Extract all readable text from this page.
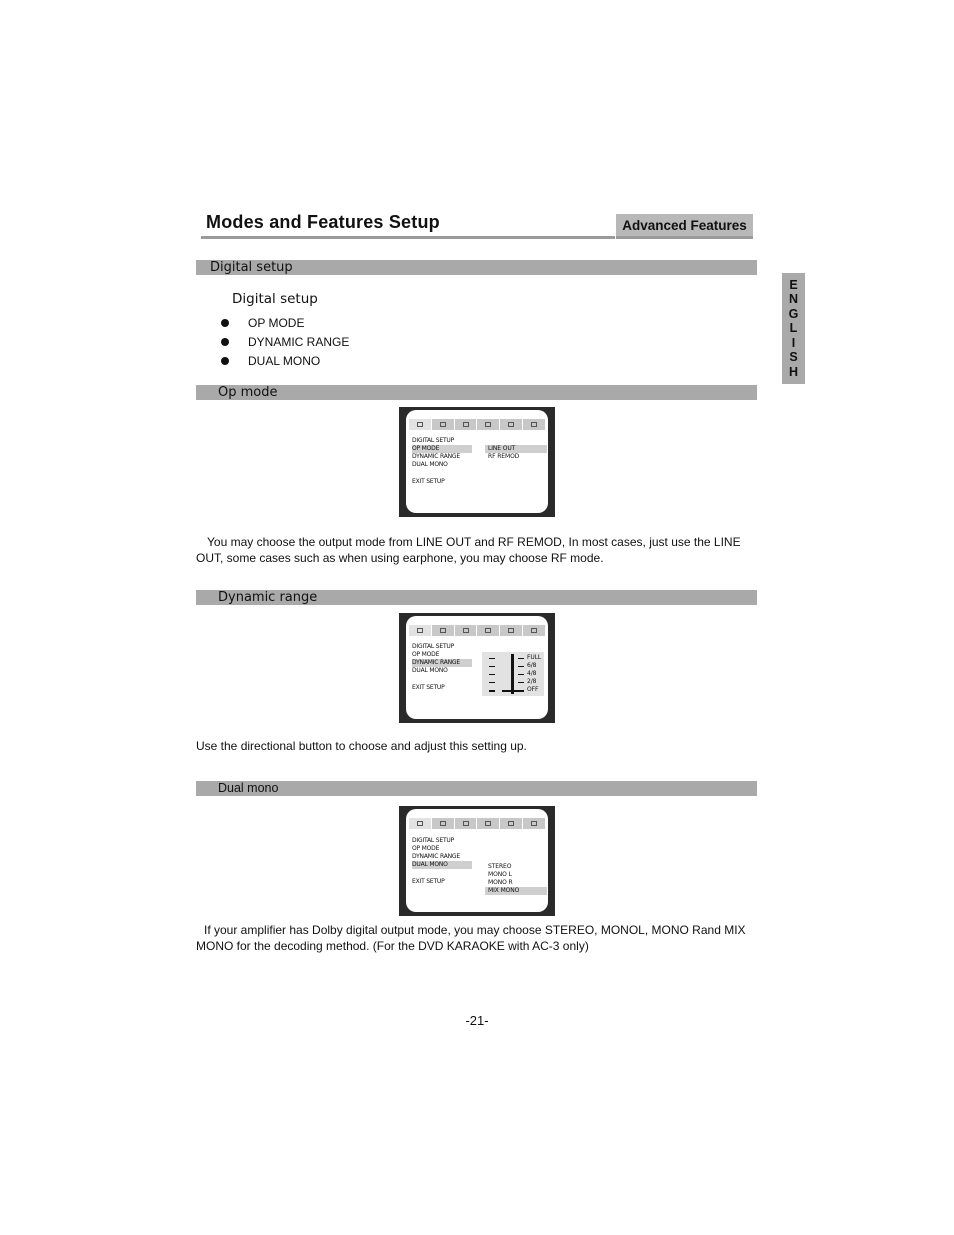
Modes and Features Setup	Advanced Features
E
N
G
L
I
S
H
Digital setup
Digital setup
OP MODE
DYNAMIC RANGE
DUAL MONO
Op mode
DIGITAL SETUP
OP MODE
DYNAMIC RANGE
DUAL MONO
EXIT SETUP
LINE OUT
RF REMOD
You may choose the output mode from LINE OUT and RF REMOD, In most cases, just use the LINE OUT, some cases such as when using earphone, you may choose RF mode.
Dynamic range
DIGITAL SETUP
OP MODE
DYNAMIC RANGE
DUAL MONO
EXIT SETUP
FULL
6/8
4/8
2/8
OFF
Use the directional button to choose and adjust this setting up.
Dual mono
DIGITAL SETUP
OP MODE
DYNAMIC RANGE
DUAL MONO
EXIT SETUP
STEREO
MONO L
MONO R
MIX MONO
If your amplifier has Dolby digital output mode, you may choose STEREO, MONOL, MONO Rand MIX MONO for the decoding method. (For the DVD KARAOKE with AC-3 only)
-21-
